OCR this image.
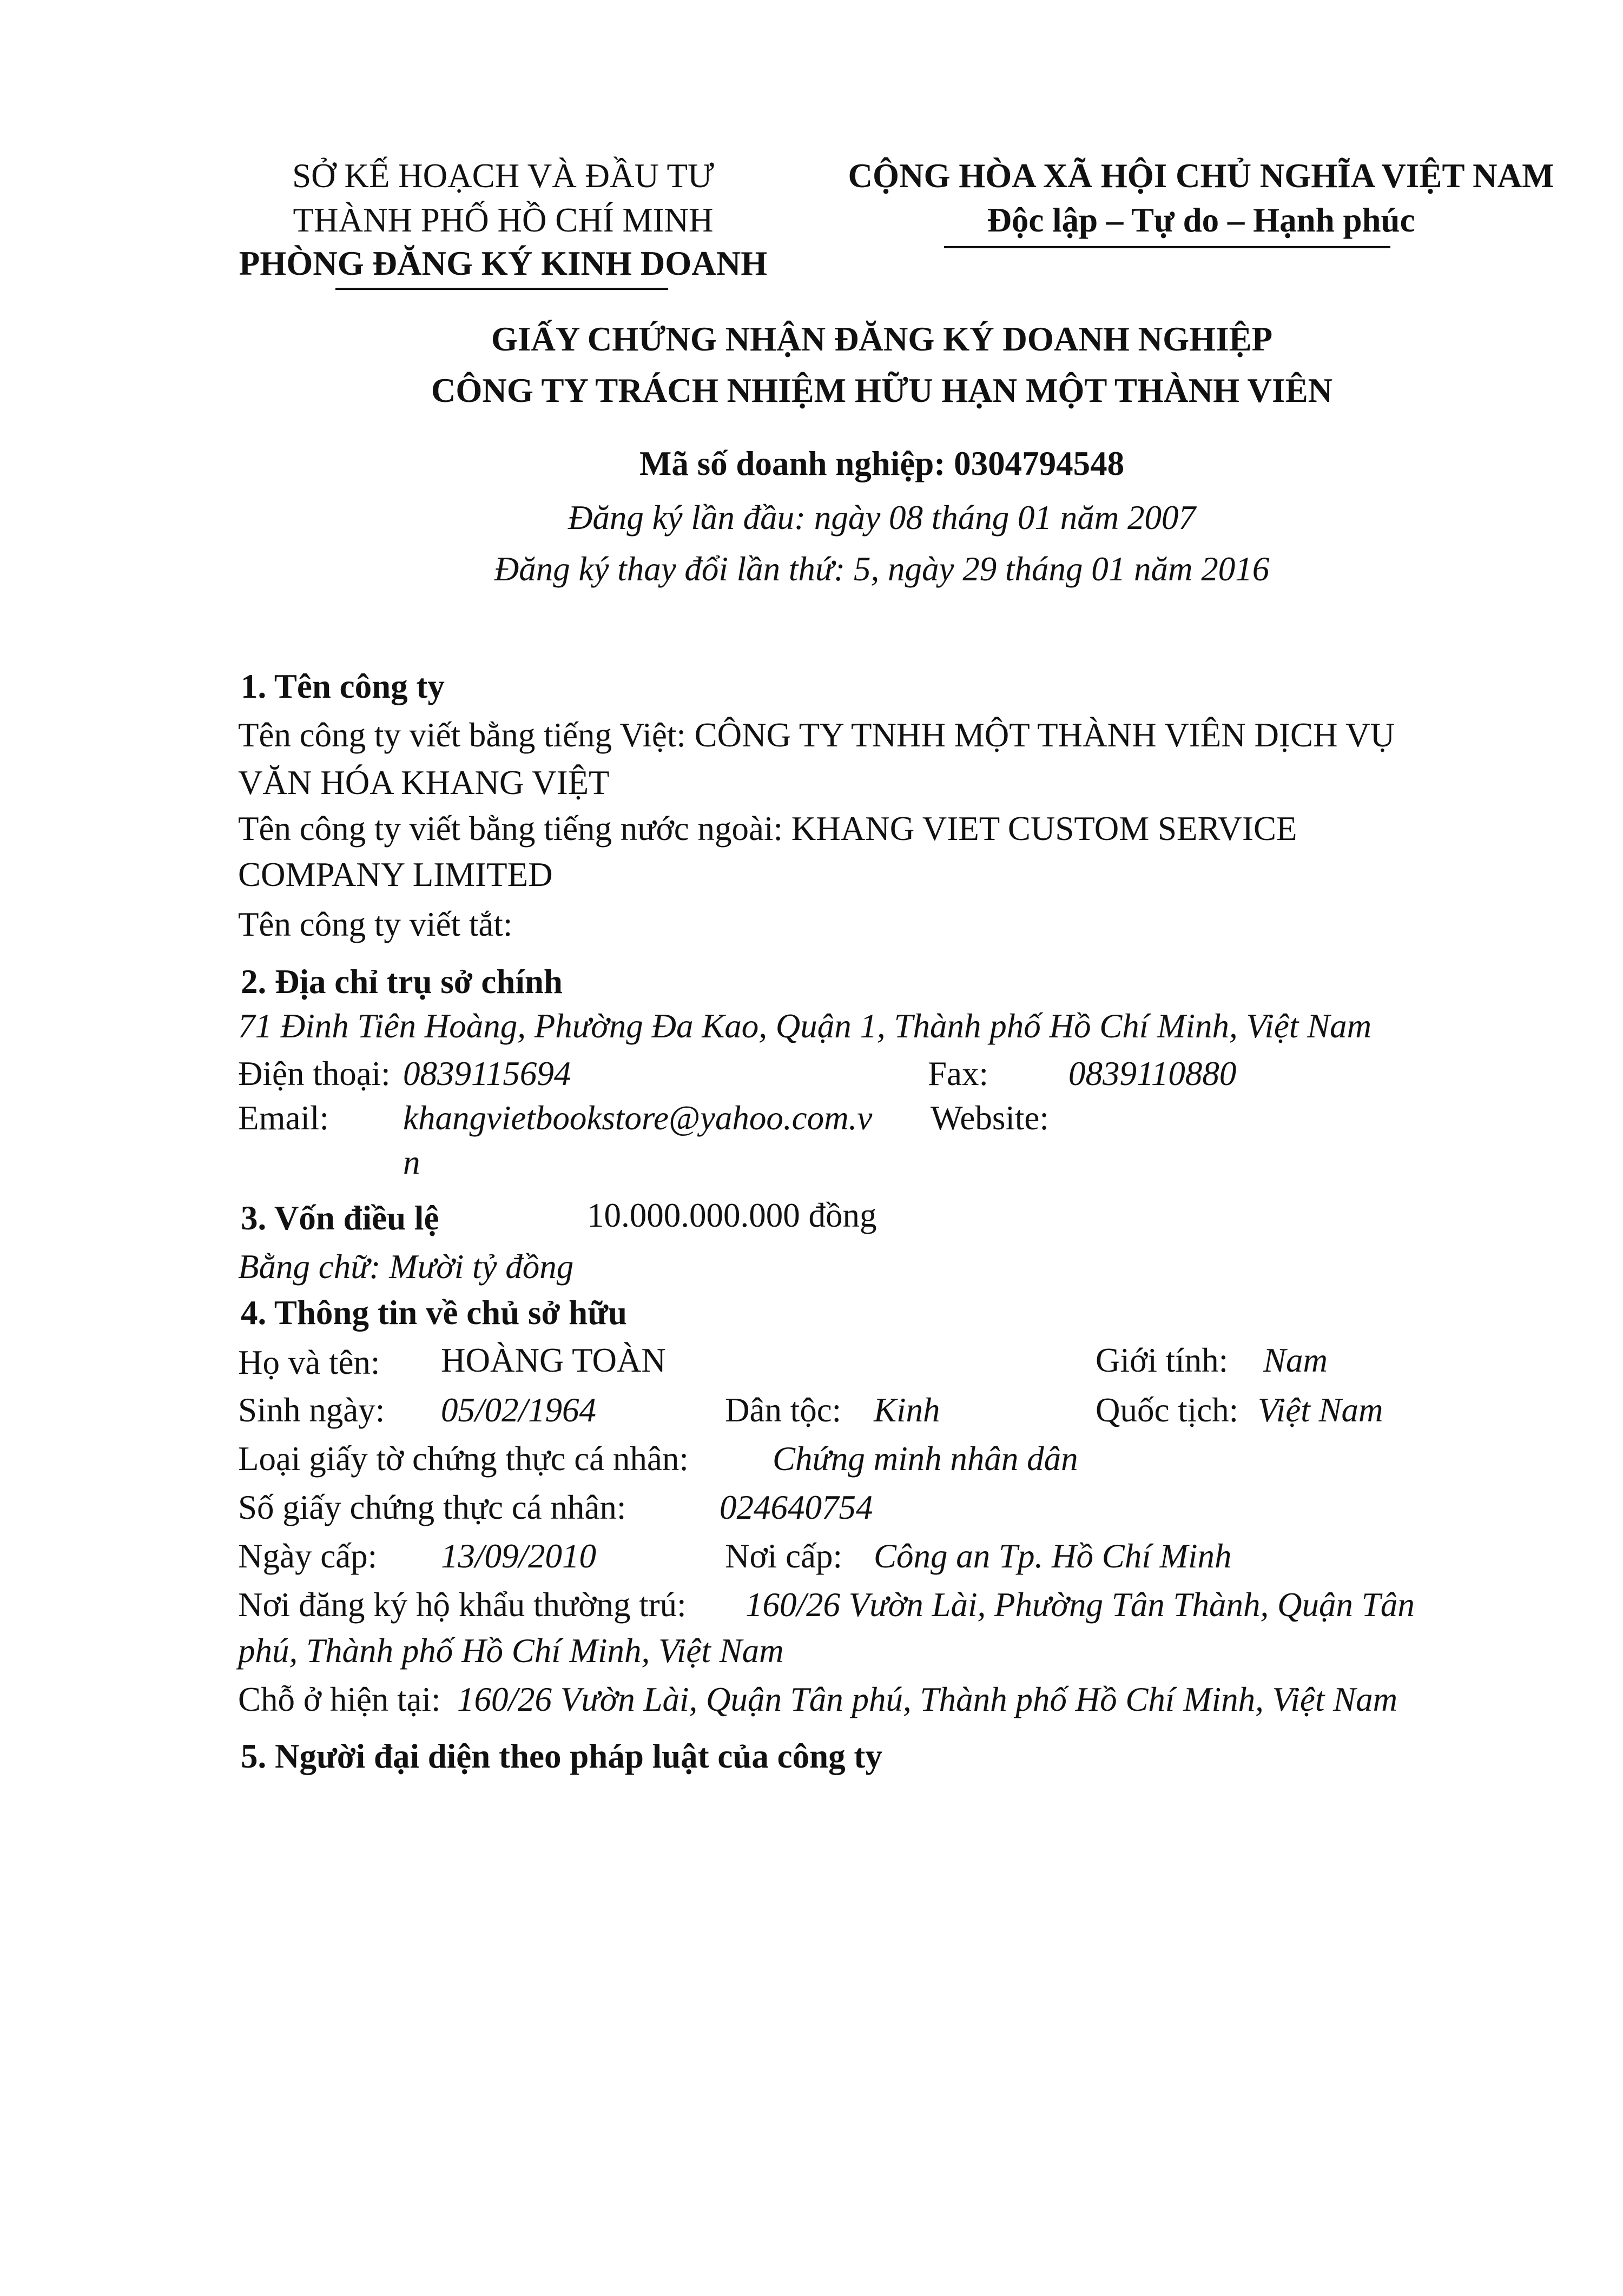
SỞ KẾ HOẠCH VÀ ĐẦU TƯ
THÀNH PHỐ HỒ CHÍ MINH
PHÒNG ĐĂNG KÝ KINH DOANH
CỘNG HÒA XÃ HỘI CHỦ NGHĨA VIỆT NAM
Độc lập – Tự do – Hạnh phúc
GIẤY CHỨNG NHẬN ĐĂNG KÝ DOANH NGHIỆP
CÔNG TY TRÁCH NHIỆM HỮU HẠN MỘT THÀNH VIÊN
Mã số doanh nghiệp: 0304794548
Đăng ký lần đầu: ngày 08 tháng 01 năm 2007
Đăng ký thay đổi lần thứ: 5, ngày 29 tháng 01 năm 2016
1. Tên công ty
Tên công ty viết bằng tiếng Việt: CÔNG TY TNHH MỘT THÀNH VIÊN DỊCH VỤ
VĂN HÓA KHANG VIỆT
Tên công ty viết bằng tiếng nước ngoài: KHANG VIET CUSTOM SERVICE
COMPANY LIMITED
Tên công ty viết tắt:
2. Địa chỉ trụ sở chính
71 Đinh Tiên Hoàng, Phường Đa Kao, Quận 1, Thành phố Hồ Chí Minh, Việt Nam
Điện thoại: 0839115694	Fax: 0839110880
Email: khangvietbookstore@yahoo.com.v Website:
n
3. Vốn điều lệ	10.000.000.000 đồng
Bằng chữ: Mười tỷ đồng
4. Thông tin về chủ sở hữu
Họ và tên: HOÀNG TOÀN	Giới tính: Nam
Sinh ngày: 05/02/1964	Dân tộc: Kinh	Quốc tịch: Việt Nam
Loại giấy tờ chứng thực cá nhân: Chứng minh nhân dân
Số giấy chứng thực cá nhân:	024640754
Ngày cấp: 13/09/2010	Nơi cấp: Công an Tp. Hồ Chí Minh
Nơi đăng ký hộ khẩu thường trú: 160/26 Vườn Lài, Phường Tân Thành, Quận Tân
phú, Thành phố Hồ Chí Minh, Việt Nam
Chỗ ở hiện tại: 160/26 Vườn Lài, Quận Tân phú, Thành phố Hồ Chí Minh, Việt Nam
5. Người đại diện theo pháp luật của công ty
